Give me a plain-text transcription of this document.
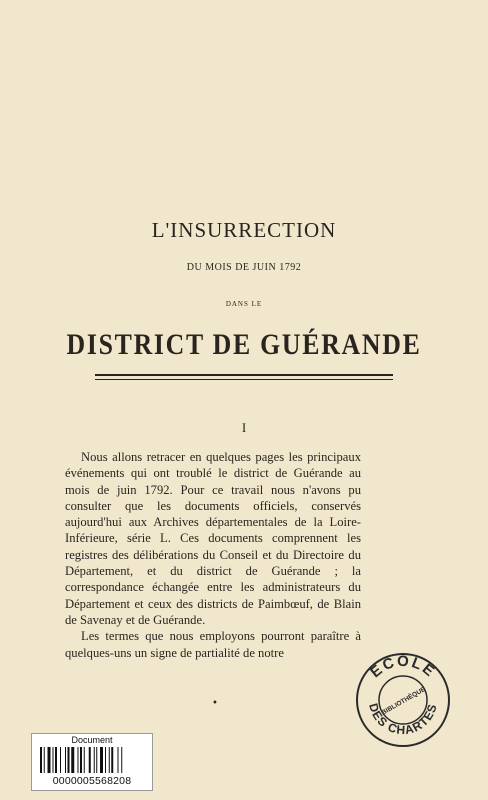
L'INSURRECTION
DU MOIS DE JUIN 1792
DANS LE
DISTRICT DE GUÉRANDE
I

Nous allons retracer en quelques pages les principaux événements qui ont troublé le district de Guérande au mois de juin 1792. Pour ce travail nous n'avons pu consulter que les documents officiels, conservés aujourd'hui aux Archives départementales de la Loire-Inférieure, série L. Ces documents comprennent les registres des délibérations du Conseil et du Directoire du Département, et du district de Guérande ; la correspondance échangée entre les administrateurs du Département et ceux des districts de Paimbœuf, de Blain de Savenay et de Guérande.

Les termes que nous employons pourront paraître à quelques-uns un signe de partialité de notre

•
ECOLE
BIBLIOTHÈQUE
DES CHARTES
Document
0000005568208
